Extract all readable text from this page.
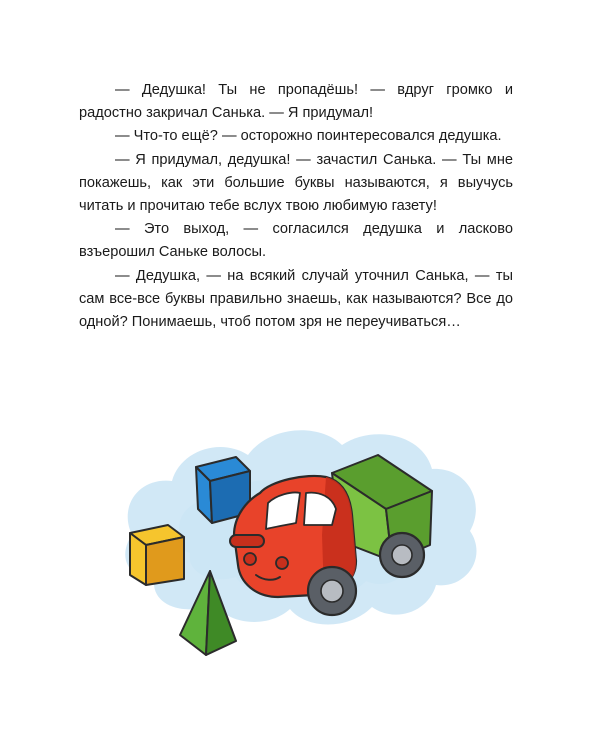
— Дедушка! Ты не пропадёшь! — вдруг громко и радостно закричал Санька. — Я придумал!

— Что-то ещё? — осторожно поинтересовался дедушка.

— Я придумал, дедушка! — зачастил Санька. — Ты мне покажешь, как эти большие буквы называются, я выучусь читать и прочитаю тебе вслух твою любимую газету!

— Это выход, — согласился дедушка и ласково взъерошил Саньке волосы.

— Дедушка, — на всякий случай уточнил Санька, — ты сам все-все буквы правильно знаешь, как называются? Все до одной? Понимаешь, чтоб потом зря не переучиваться…
